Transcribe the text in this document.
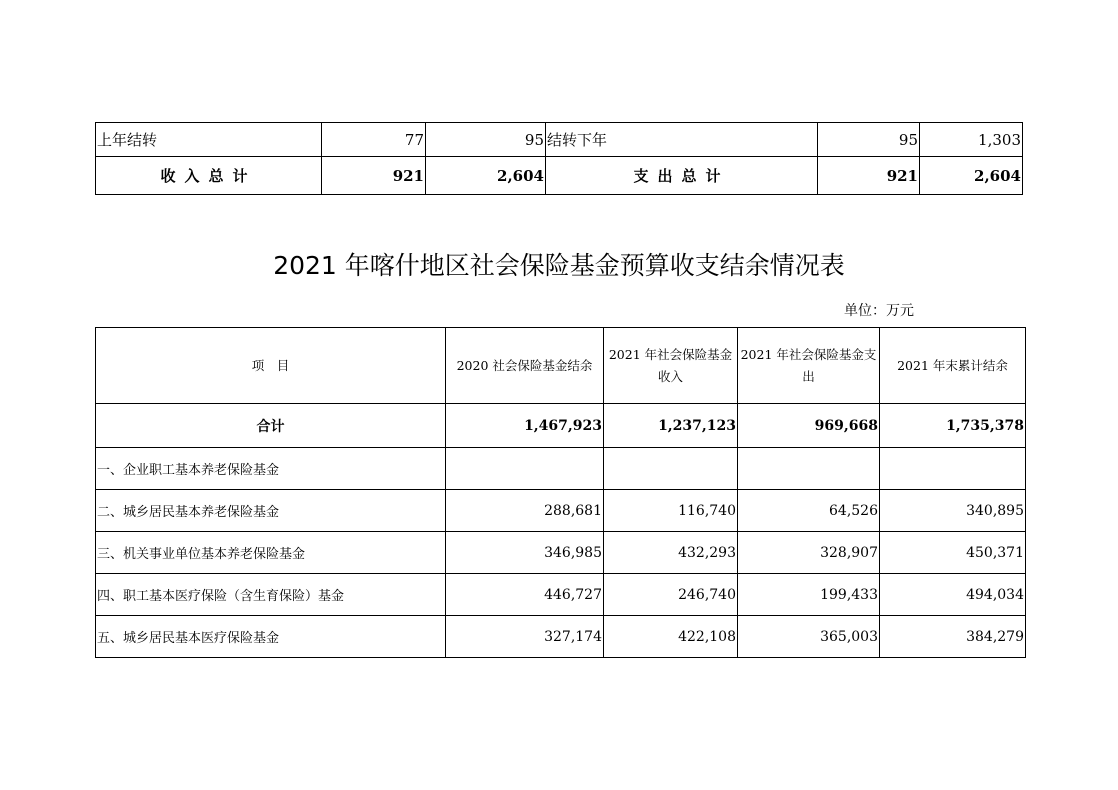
上年结转	77	95	结转下年	95	1,303
收入总计	921	2,604	支出总计	921	2,604
2021 年喀什地区社会保险基金预算收支结余情况表
单位：万元
项　目	2020 社会保险基金结余	2021 年社会保险基金收入	2021 年社会保险基金支出	2021 年末累计结余
合计	1,467,923	1,237,123	969,668	1,735,378
一、企业职工基本养老保险基金				
二、城乡居民基本养老保险基金	288,681	116,740	64,526	340,895
三、机关事业单位基本养老保险基金	346,985	432,293	328,907	450,371
四、职工基本医疗保险（含生育保险）基金	446,727	246,740	199,433	494,034
五、城乡居民基本医疗保险基金	327,174	422,108	365,003	384,279
